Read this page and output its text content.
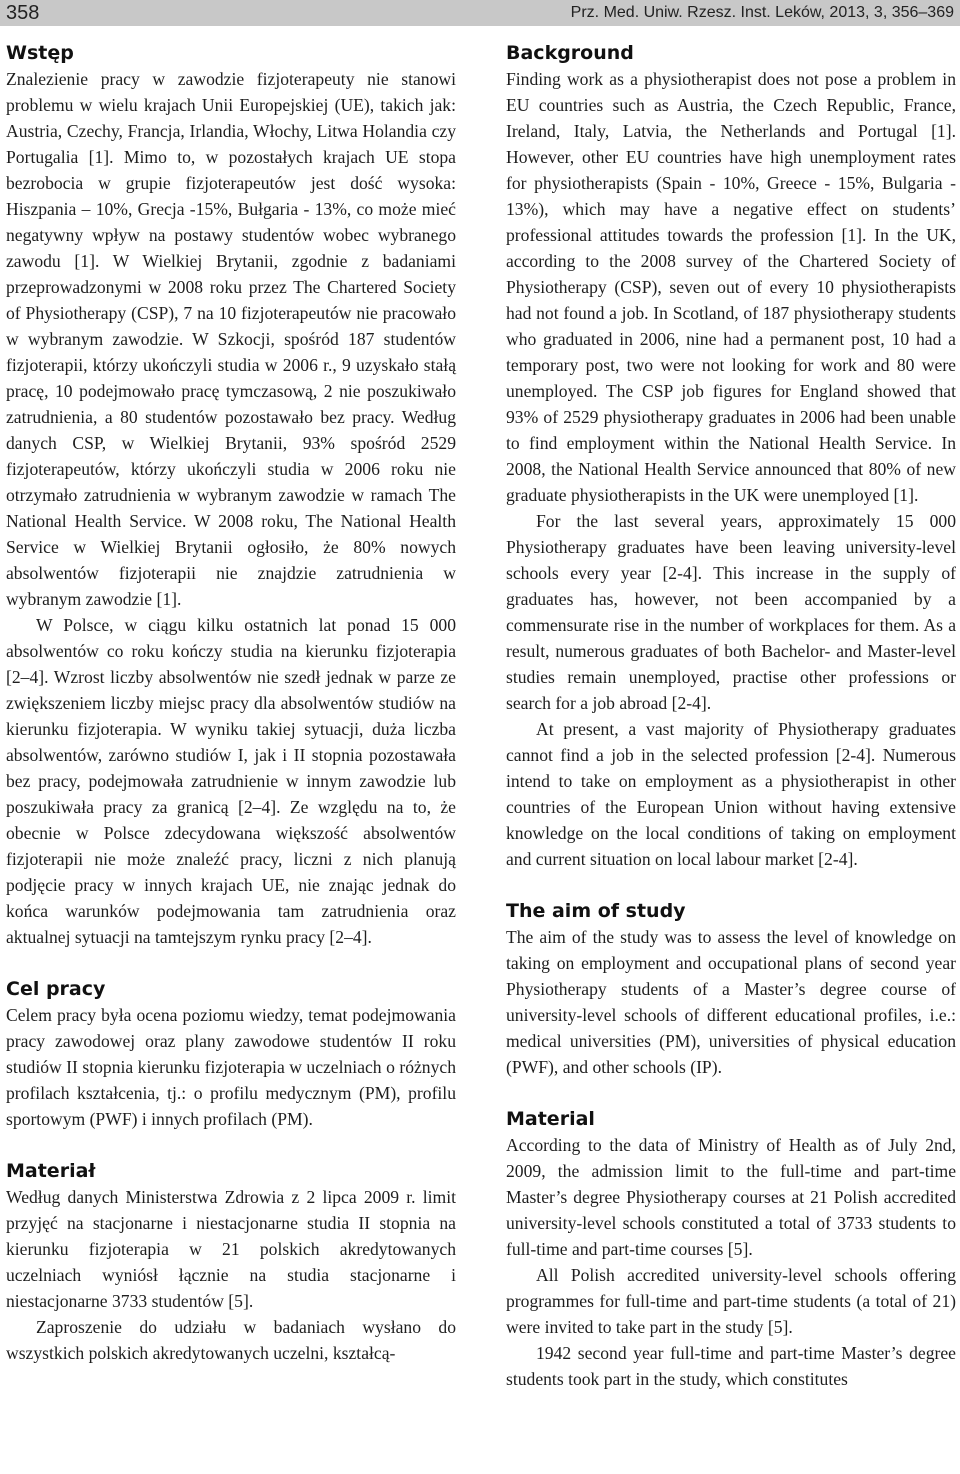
358	Prz. Med. Uniw. Rzesz. Inst. Leków, 2013, 3, 356–369
Wstęp

Znalezienie pracy w zawodzie fizjoterapeuty nie stanowi problemu w wielu krajach Unii Europejskiej (UE), takich jak: Austria, Czechy, Francja, Irlandia, Włochy, Litwa Holandia czy Portugalia [1]. Mimo to, w pozostałych krajach UE stopa bezrobocia w grupie fizjoterapeutów jest dość wysoka: Hiszpania – 10%, Grecja -15%, Bułgaria - 13%, co może mieć negatywny wpływ na postawy studentów wobec wybranego zawodu [1]. W Wielkiej Brytanii, zgodnie z badaniami przeprowadzonymi w 2008 roku przez The Chartered Society of Physiotherapy (CSP), 7 na 10 fizjoterapeutów nie pracowało w wybranym zawodzie. W Szkocji, spośród 187 studentów fizjoterapii, którzy ukończyli studia w 2006 r., 9 uzyskało stałą pracę, 10 podejmowało pracę tymczasową, 2 nie poszukiwało zatrudnienia, a 80 studentów pozostawało bez pracy. Według danych CSP, w Wielkiej Brytanii, 93% spośród 2529 fizjoterapeutów, którzy ukończyli studia w 2006 roku nie otrzymało zatrudnienia w wybranym zawodzie w ramach The National Health Service. W 2008 roku, The National Health Service w Wielkiej Brytanii ogłosiło, że 80% nowych absolwentów fizjoterapii nie znajdzie zatrudnienia w wybranym zawodzie [1].

W Polsce, w ciągu kilku ostatnich lat ponad 15 000 absolwentów co roku kończy studia na kierunku fizjoterapia [2–4]. Wzrost liczby absolwentów nie szedł jednak w parze ze zwiększeniem liczby miejsc pracy dla absolwentów studiów na kierunku fizjoterapia. W wyniku takiej sytuacji, duża liczba absolwentów, zarówno studiów I, jak i II stopnia pozostawała bez pracy, podejmowała zatrudnienie w innym zawodzie lub poszukiwała pracy za granicą [2–4]. Ze względu na to, że obecnie w Polsce zdecydowana większość absolwentów fizjoterapii nie może znaleźć pracy, liczni z nich planują podjęcie pracy w innych krajach UE, nie znając jednak do końca warunków podejmowania tam zatrudnienia oraz aktualnej sytuacji na tamtejszym rynku pracy [2–4].

Cel pracy

Celem pracy była ocena poziomu wiedzy, temat podejmowania pracy zawodowej oraz plany zawodowe studentów II roku studiów II stopnia kierunku fizjoterapia w uczelniach o różnych profilach kształcenia, tj.: o profilu medycznym (PM), profilu sportowym (PWF) i innych profilach (PM).

Materiał

Według danych Ministerstwa Zdrowia z 2 lipca 2009 r. limit przyjęć na stacjonarne i niestacjonarne studia II stopnia na kierunku fizjoterapia w 21 polskich akredytowanych uczelniach wyniósł łącznie na studia stacjonarne i niestacjonarne 3733 studentów [5].

Zaproszenie do udziału w badaniach wysłano do wszystkich polskich akredytowanych uczelni, kształcą-

Background

Finding work as a physiotherapist does not pose a problem in EU countries such as Austria, the Czech Republic, France, Ireland, Italy, Latvia, the Netherlands and Portugal [1]. However, other EU countries have high unemployment rates for physiotherapists (Spain - 10%, Greece - 15%, Bulgaria - 13%), which may have a negative effect on students’ professional attitudes towards the profession [1]. In the UK, according to the 2008 survey of the Chartered Society of Physiotherapy (CSP), seven out of every 10 physiotherapists had not found a job. In Scotland, of 187 physiotherapy students who graduated in 2006, nine had a permanent post, 10 had a temporary post, two were not looking for work and 80 were unemployed. The CSP job figures for England showed that 93% of 2529 physiotherapy graduates in 2006 had been unable to find employment within the National Health Service. In 2008, the National Health Service announced that 80% of new graduate physiotherapists in the UK were unemployed [1].

For the last several years, approximately 15 000 Physiotherapy graduates have been leaving university-level schools every year [2-4]. This increase in the supply of graduates has, however, not been accompanied by a commensurate rise in the number of workplaces for them. As a result, numerous graduates of both Bachelor- and Master-level studies remain unemployed, practise other professions or search for a job abroad [2-4].

At present, a vast majority of Physiotherapy graduates cannot find a job in the selected profession [2-4]. Numerous intend to take on employment as a physiotherapist in other countries of the European Union without having extensive knowledge on the local conditions of taking on employment and current situation on local labour market [2-4].

The aim of study

The aim of the study was to assess the level of knowledge on taking on employment and occupational plans of second year Physiotherapy students of a Master’s degree course of university-level schools of different educational profiles, i.e.: medical universities (PM), universities of physical education (PWF), and other schools (IP).

Material

According to the data of Ministry of Health as of July 2nd, 2009, the admission limit to the full-time and part-time Master’s degree Physiotherapy courses at 21 Polish accredited university-level schools constituted a total of 3733 students to full-time and part-time courses [5].

All Polish accredited university-level schools offering programmes for full-time and part-time students (a total of 21) were invited to take part in the study [5].

1942 second year full-time and part-time Master’s degree students took part in the study, which constitutes
